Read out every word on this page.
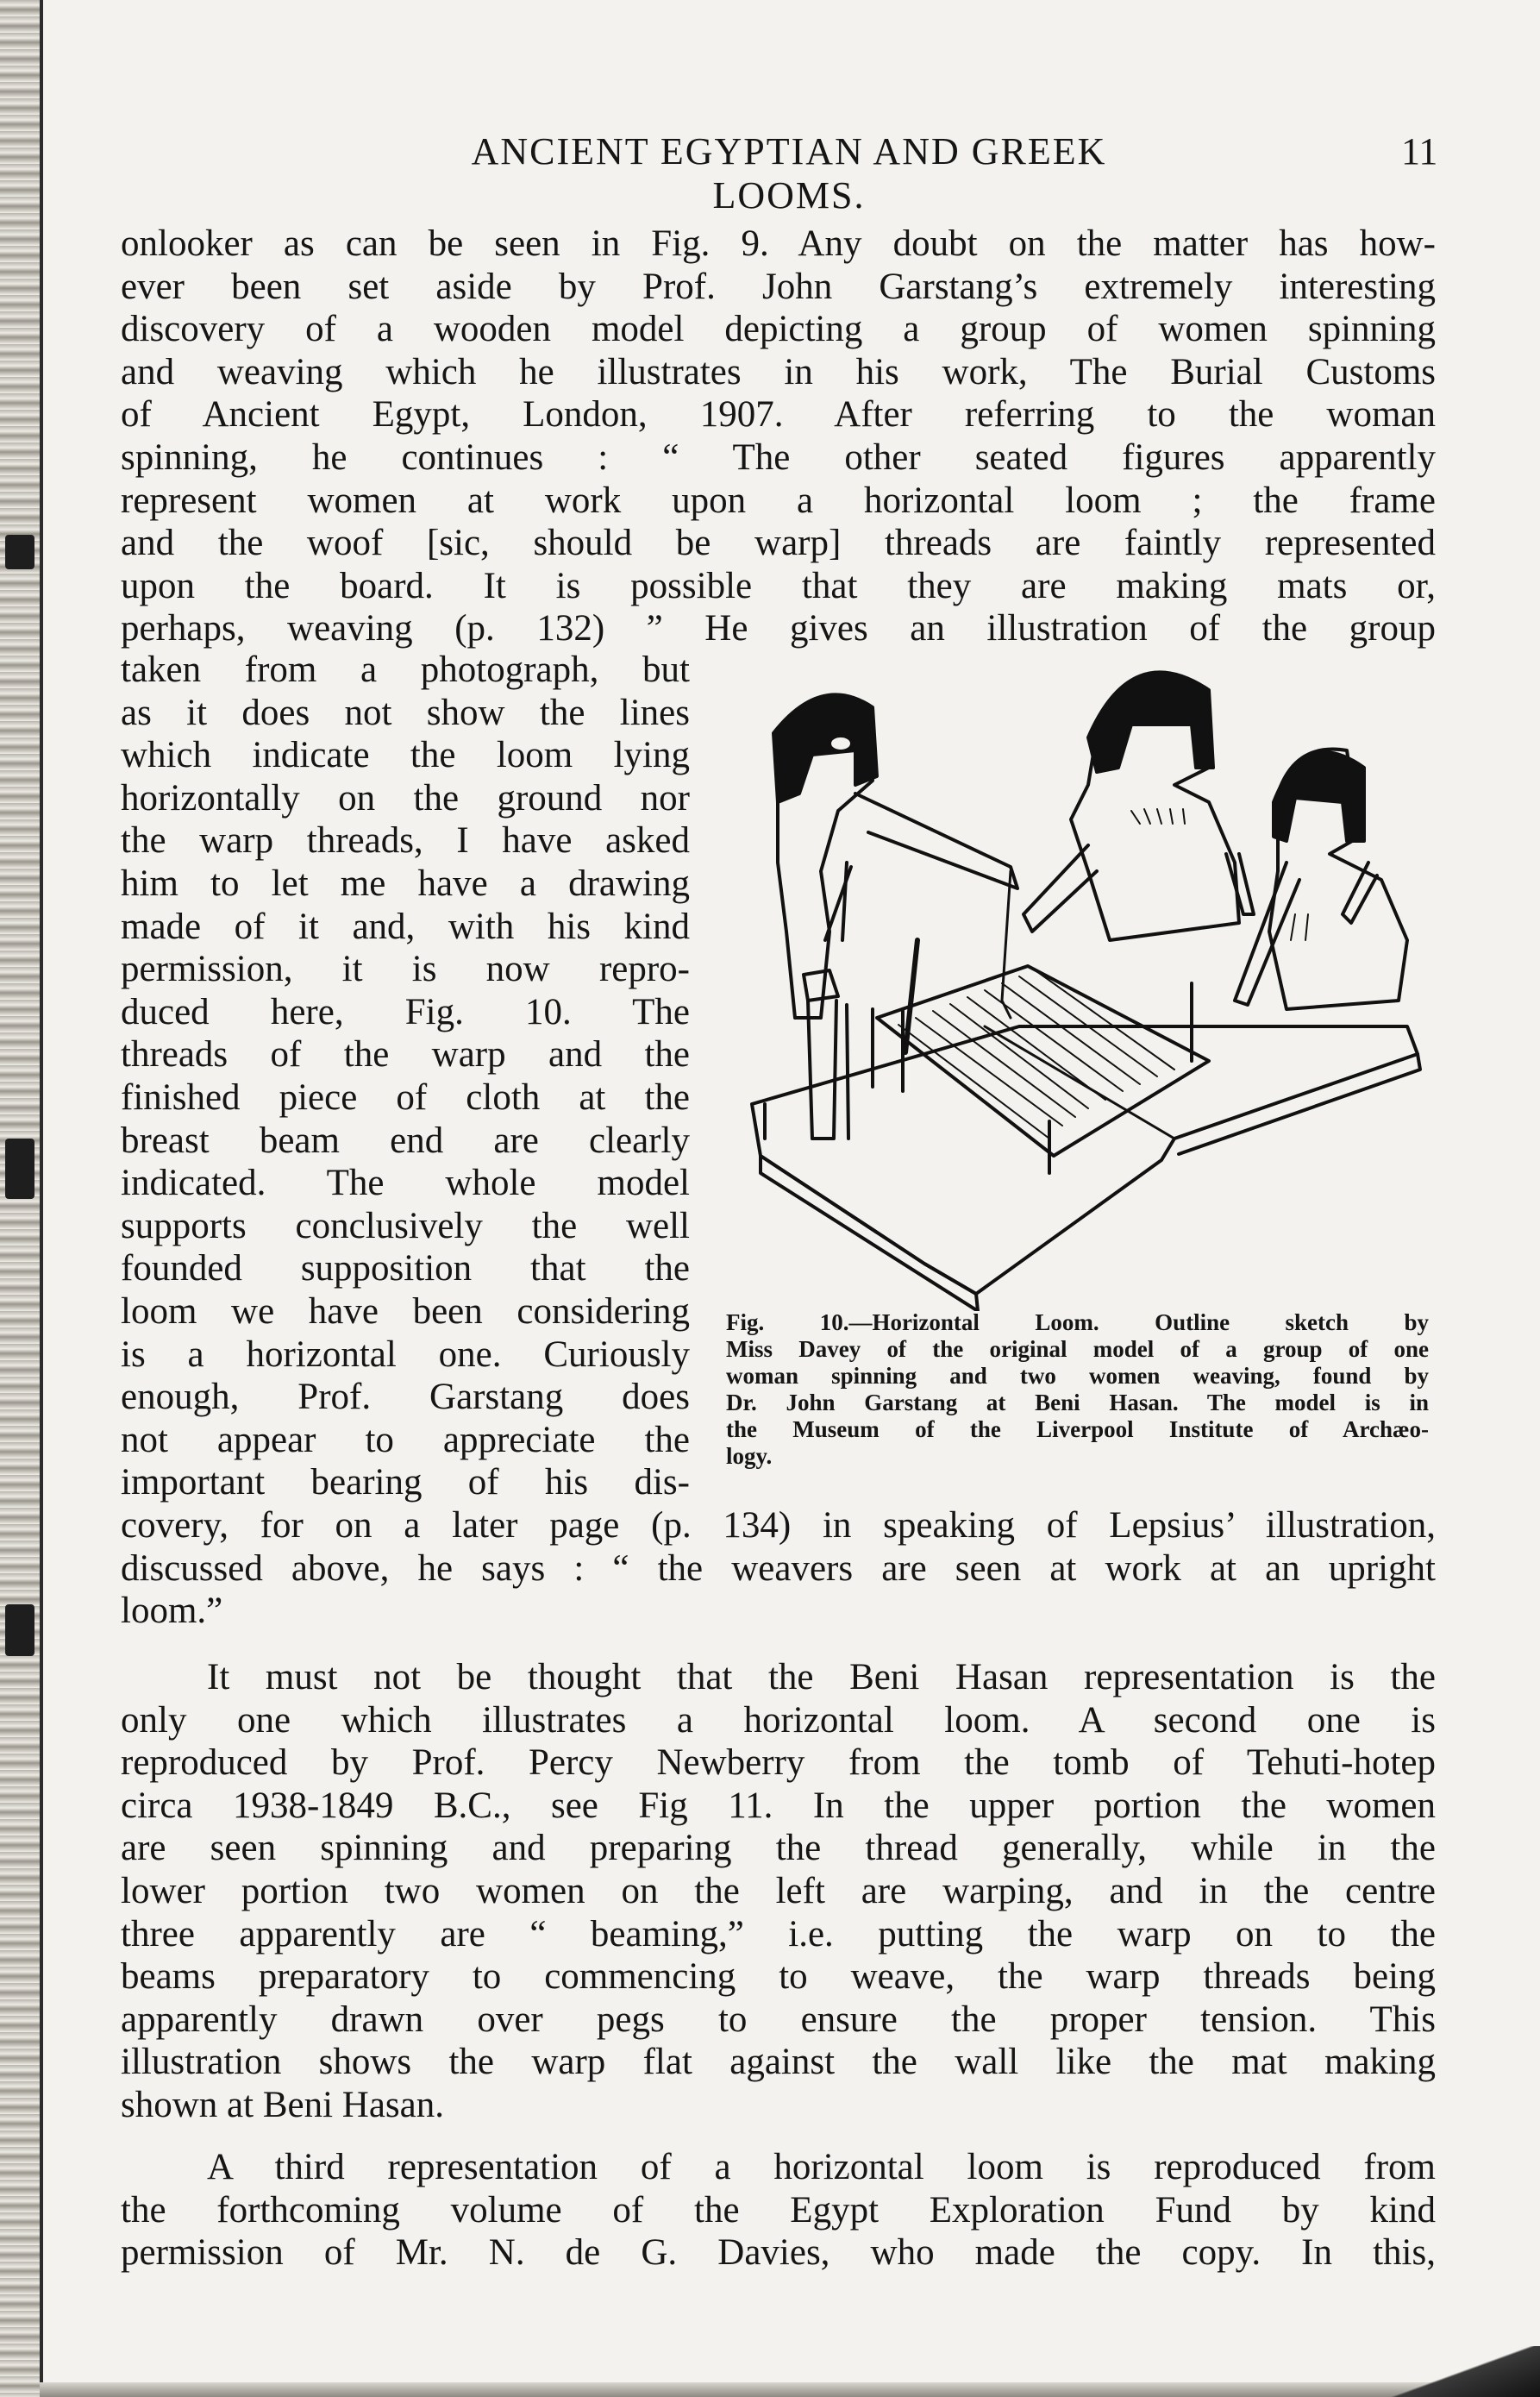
ANCIENT EGYPTIAN AND GREEK LOOMS.
11
onlooker as can be seen in Fig. 9. Any doubt on the matter has how-
ever been set aside by Prof. John Garstang’s extremely interesting
discovery of a wooden model depicting a group of women spinning
and weaving which he illustrates in his work, The Burial Customs
of Ancient Egypt, London, 1907. After referring to the woman
spinning, he continues : “ The other seated figures apparently
represent women at work upon a horizontal loom ; the frame
and the woof [sic, should be warp] threads are faintly represented
upon the board. It is possible that they are making mats or,
perhaps, weaving (p. 132) ” He gives an illustration of the group
taken from a photograph, but
as it does not show the lines
which indicate the loom lying
horizontally on the ground nor
the warp threads, I have asked
him to let me have a drawing
made of it and, with his kind
permission, it is now repro-
duced here, Fig. 10. The
threads of the warp and the
finished piece of cloth at the
breast beam end are clearly
indicated. The whole model
supports conclusively the well
founded supposition that the
loom we have been considering
is a horizontal one. Curiously
enough, Prof. Garstang does
not appear to appreciate the
important bearing of his dis-
Fig. 10.—Horizontal Loom. Outline sketch by
Miss Davey of the original model of a group of one
woman spinning and two women weaving, found by
Dr. John Garstang at Beni Hasan. The model is in
the Museum of the Liverpool Institute of Archæo-
logy.
covery, for on a later page (p. 134) in speaking of Lepsius’ illustration,
discussed above, he says : “ the weavers are seen at work at an upright
loom.”
It must not be thought that the Beni Hasan representation is the
only one which illustrates a horizontal loom. A second one is
reproduced by Prof. Percy Newberry from the tomb of Tehuti-hotep
circa 1938-1849 B.C., see Fig 11. In the upper portion the women
are seen spinning and preparing the thread generally, while in the
lower portion two women on the left are warping, and in the centre
three apparently are “ beaming,” i.e. putting the warp on to the
beams preparatory to commencing to weave, the warp threads being
apparently drawn over pegs to ensure the proper tension. This
illustration shows the warp flat against the wall like the mat making
shown at Beni Hasan.
A third representation of a horizontal loom is reproduced from
the forthcoming volume of the Egypt Exploration Fund by kind
permission of Mr. N. de G. Davies, who made the copy. In this,
